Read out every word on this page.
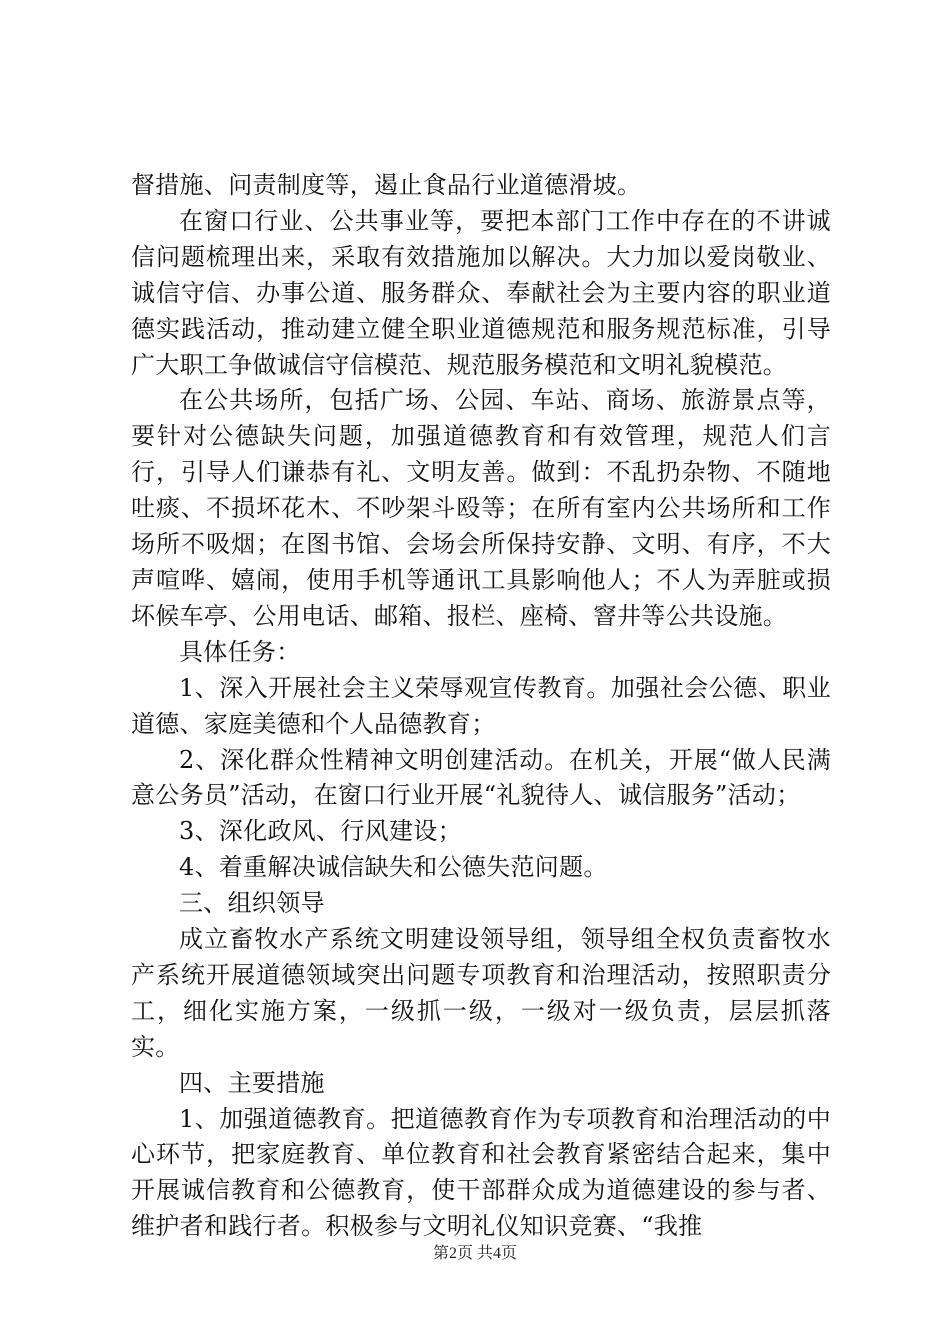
督措施、问责制度等，遏止食品行业道德滑坡。

在窗口行业、公共事业等，要把本部门工作中存在的不讲诚信问题梳理出来，采取有效措施加以解决。大力加以爱岗敬业、诚信守信、办事公道、服务群众、奉献社会为主要内容的职业道德实践活动，推动建立健全职业道德规范和服务规范标准，引导广大职工争做诚信守信模范、规范服务模范和文明礼貌模范。

在公共场所，包括广场、公园、车站、商场、旅游景点等，要针对公德缺失问题，加强道德教育和有效管理，规范人们言行，引导人们谦恭有礼、文明友善。做到：不乱扔杂物、不随地吐痰、不损坏花木、不吵架斗殴等；在所有室内公共场所和工作场所不吸烟；在图书馆、会场会所保持安静、文明、有序，不大声喧哗、嬉闹，使用手机等通讯工具影响他人；不人为弄脏或损坏候车亭、公用电话、邮箱、报栏、座椅、窨井等公共设施。

具体任务：

1、深入开展社会主义荣辱观宣传教育。加强社会公德、职业道德、家庭美德和个人品德教育；

2、深化群众性精神文明创建活动。在机关，开展“做人民满意公务员”活动，在窗口行业开展“礼貌待人、诚信服务”活动；

3、深化政风、行风建设；

4、着重解决诚信缺失和公德失范问题。

三、组织领导

成立畜牧水产系统文明建设领导组，领导组全权负责畜牧水产系统开展道德领域突出问题专项教育和治理活动，按照职责分工，细化实施方案，一级抓一级，一级对一级负责，层层抓落实。

四、主要措施

1、加强道德教育。把道德教育作为专项教育和治理活动的中心环节，把家庭教育、单位教育和社会教育紧密结合起来，集中开展诚信教育和公德教育，使干部群众成为道德建设的参与者、维护者和践行者。积极参与文明礼仪知识竞赛、“我推

第2页 共4页
